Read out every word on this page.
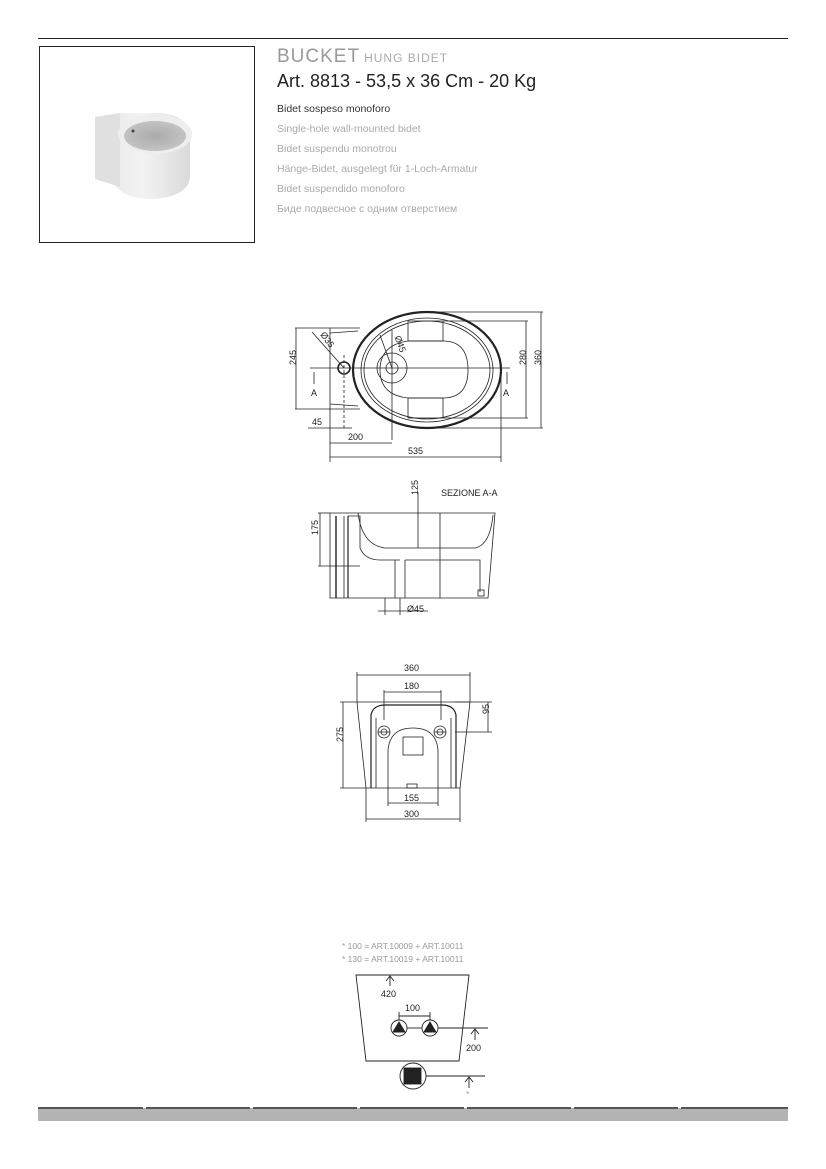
BUCKET HUNG BIDET
Art. 8813 - 53,5 x 36 Cm - 20 Kg
Bidet sospeso monoforo
Single-hole wall-mounted bidet
Bidet suspendu monotrou
Hänge-Bidet, ausgelegt für 1-Loch-Armatur
Bidet suspendido monoforo
Биде подвесное с одним отверстием
Ø35	Ø45
245	280 360
A	A
45
200
535
125
175
Ø45
SEZIONE A-A
360
180
95
275
155
300
* 100 = ART.10009 + ART.10011
* 130 = ART.10019 + ART.10011
420
100
200
*
